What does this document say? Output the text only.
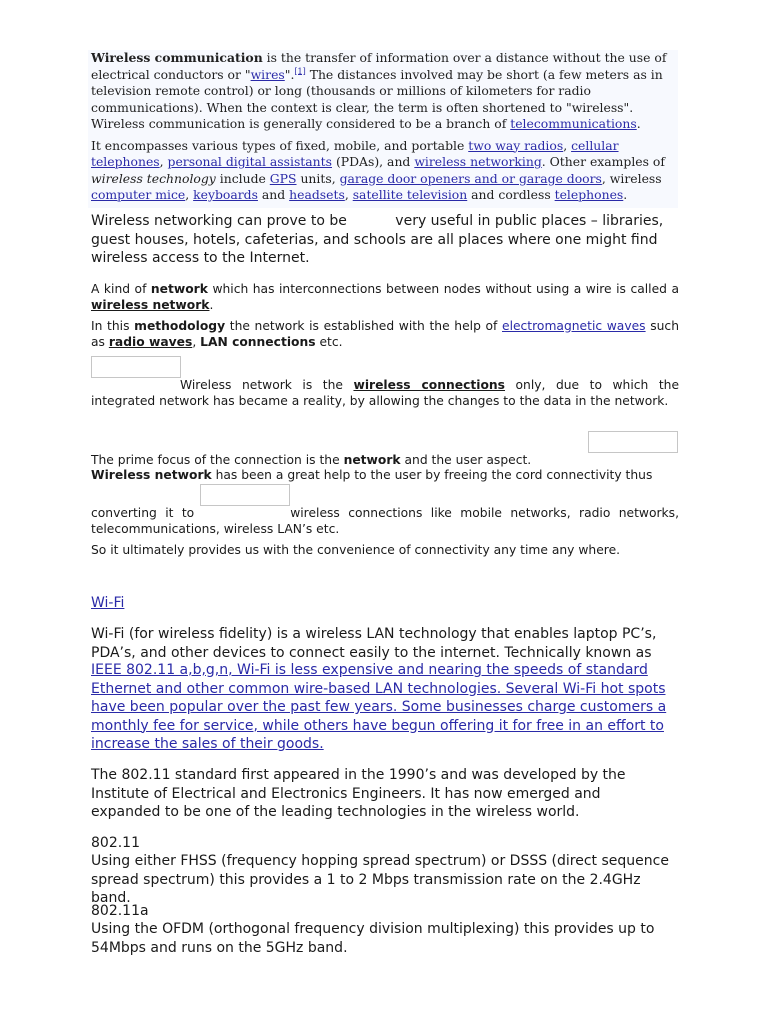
Wireless communication is the transfer of information over a distance without the use of electrical conductors or "wires".[1] The distances involved may be short (a few meters as in television remote control) or long (thousands or millions of kilometers for radio communications). When the context is clear, the term is often shortened to "wireless". Wireless communication is generally considered to be a branch of telecommunications.

It encompasses various types of fixed, mobile, and portable two way radios, cellular telephones, personal digital assistants (PDAs), and wireless networking. Other examples of wireless technology include GPS units, garage door openers and or garage doors, wireless computer mice, keyboards and headsets, satellite television and cordless telephones.

Wireless networking can prove to be	very useful in public places – libraries, guest houses, hotels, cafeterias, and schools are all places where one might find wireless access to the Internet.

A kind of network which has interconnections between nodes without using a wire is called a wireless network.

In this methodology the network is established with the help of electromagnetic waves such as radio waves, LAN connections etc.

Wireless network is the wireless connections only, due to which the integrated network has became a reality, by allowing the changes to the data in the network.

The prime focus of the connection is the network and the user aspect.

Wireless network has been a great help to the user by freeing the cord connectivity thus

converting it to	wireless connections like mobile networks, radio networks, telecommunications, wireless LAN’s etc.

So it ultimately provides us with the convenience of connectivity any time any where.

Wi-Fi

Wi-Fi (for wireless fidelity) is a wireless LAN technology that enables laptop PC’s, PDA’s, and other devices to connect easily to the internet. Technically known as

IEEE 802.11 a,b,g,n, Wi-Fi is less expensive and nearing the speeds of standard
Ethernet and other common wire-based LAN technologies. Several Wi-Fi hot spots
have been popular over the past few years. Some businesses charge customers a
monthly fee for service, while others have begun offering it for free in an effort to
increase the sales of their goods.

The 802.11 standard first appeared in the 1990’s and was developed by the Institute of Electrical and Electronics Engineers. It has now emerged and expanded to be one of the leading technologies in the wireless world.

802.11

Using either FHSS (frequency hopping spread spectrum) or DSSS (direct sequence spread spectrum) this provides a 1 to 2 Mbps transmission rate on the 2.4GHz band.

802.11a

Using the OFDM (orthogonal frequency division multiplexing) this provides up to 54Mbps and runs on the 5GHz band.
